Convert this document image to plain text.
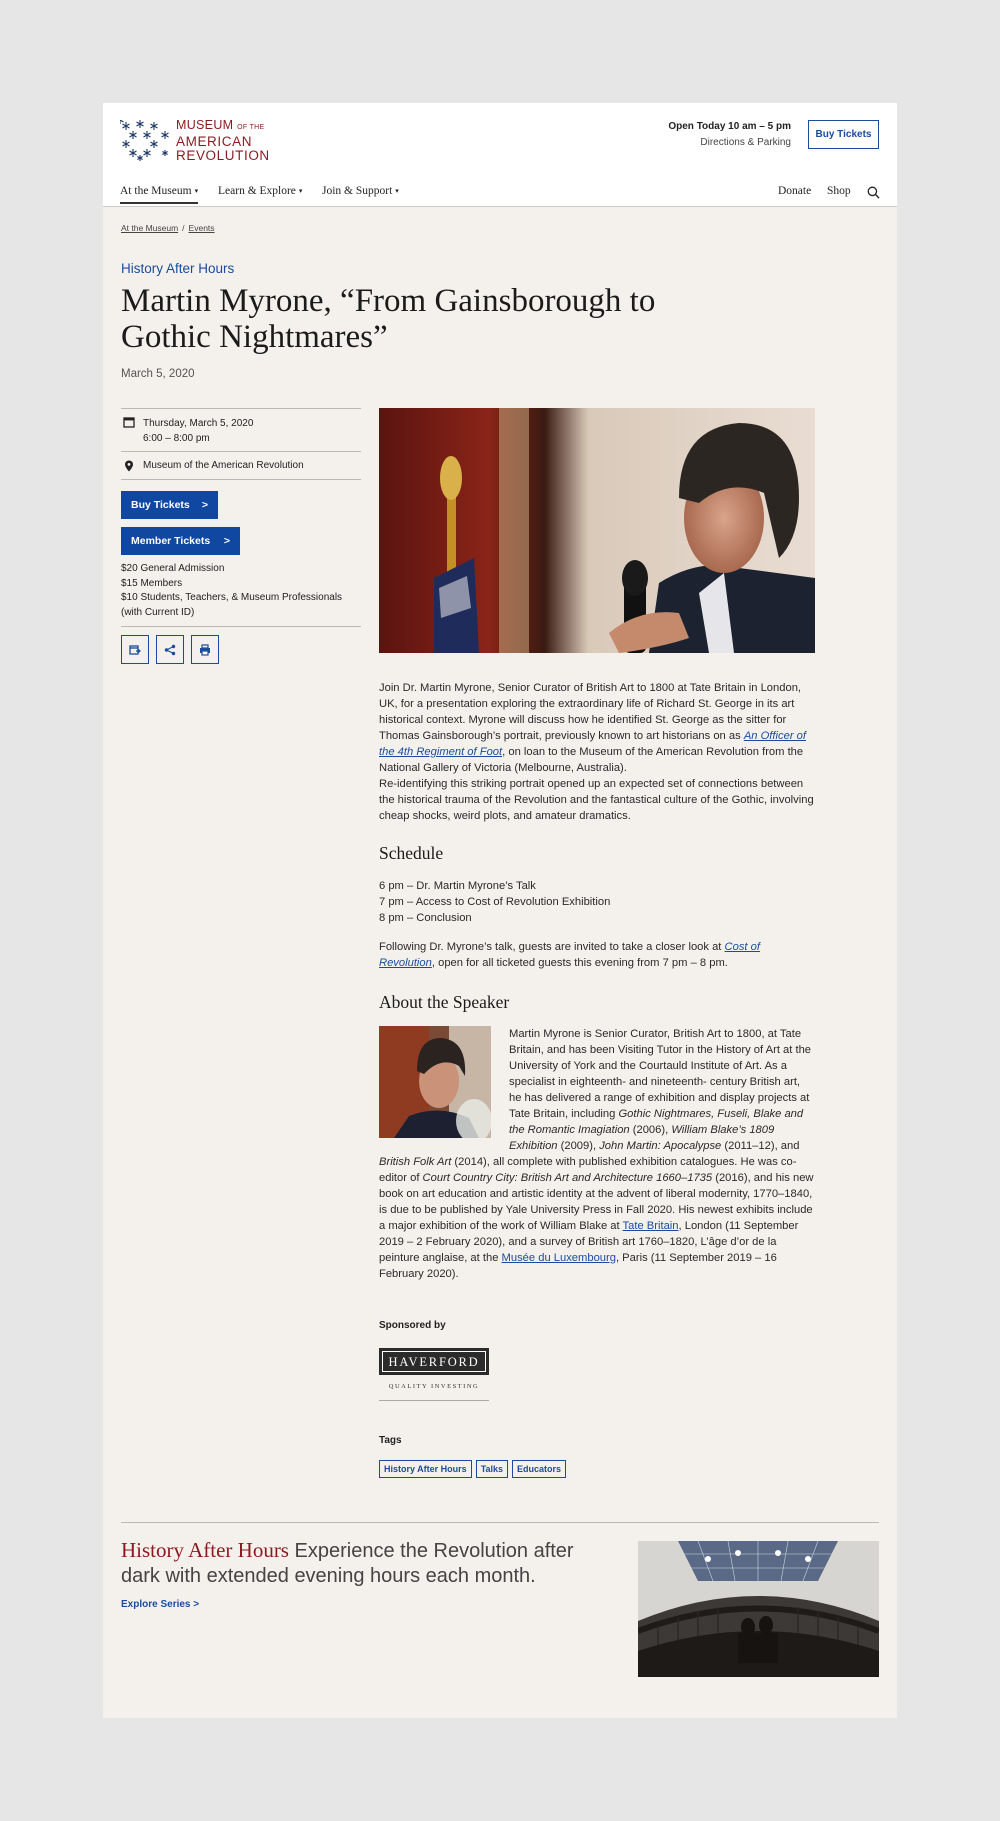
MUSEUM OF THE
AMERICAN
REVOLUTION
Open Today 10 am – 5 pm
Directions & Parking
Buy Tickets
At the Museum ▾ Learn & Explore ▾ Join & Support ▾	Donate Shop
At the Museum / Events
History After Hours
Martin Myrone, “From Gainsborough to Gothic Nightmares”
March 5, 2020
Thursday, March 5, 2020
6:00 – 8:00 pm
Museum of the American Revolution
Buy Tickets >
Member Tickets >
$20 General Admission
$15 Members
$10 Students, Teachers, & Museum Professionals (with Current ID)

Join Dr. Martin Myrone, Senior Curator of British Art to 1800 at Tate Britain in London, UK, for a presentation exploring the extraordinary life of Richard St. George in its art historical context. Myrone will discuss how he identified St. George as the sitter for Thomas Gainsborough’s portrait, previously known to art historians on as An Officer of the 4th Regiment of Foot, on loan to the Museum of the American Revolution from the National Gallery of Victoria (Melbourne, Australia).

Re-identifying this striking portrait opened up an expected set of connections between the historical trauma of the Revolution and the fantastical culture of the Gothic, involving cheap shocks, weird plots, and amateur dramatics.

Schedule
6 pm – Dr. Martin Myrone’s Talk
7 pm – Access to Cost of Revolution Exhibition
8 pm – Conclusion

Following Dr. Myrone’s talk, guests are invited to take a closer look at Cost of Revolution, open for all ticketed guests this evening from 7 pm – 8 pm.

About the Speaker
Martin Myrone is Senior Curator, British Art to 1800, at Tate Britain, and has been Visiting Tutor in the History of Art at the University of York and the Courtauld Institute of Art. As a specialist in eighteenth- and nineteenth- century British art, he has delivered a range of exhibition and display projects at Tate Britain, including Gothic Nightmares, Fuseli, Blake and the Romantic Imagiation (2006), William Blake’s 1809 Exhibition (2009), John Martin: Apocalypse (2011–12), and British Folk Art (2014), all complete with published exhibition catalogues. He was co-editor of Court Country City: British Art and Architecture 1660–1735 (2016), and his new book on art education and artistic identity at the advent of liberal modernity, 1770–1840, is due to be published by Yale University Press in Fall 2020. His newest exhibits include a major exhibition of the work of William Blake at Tate Britain, London (11 September 2019 – 2 February 2020), and a survey of British art 1760–1820, L’âge d’or de la peinture anglaise, at the Musée du Luxembourg, Paris (11 September 2019 – 16 February 2020).
Sponsored by
HAVERFORD
QUALITY INVESTING
Tags
History After Hours	Talks	Educators
History After Hours Experience the Revolution after dark with extended evening hours each month.
Explore Series >
